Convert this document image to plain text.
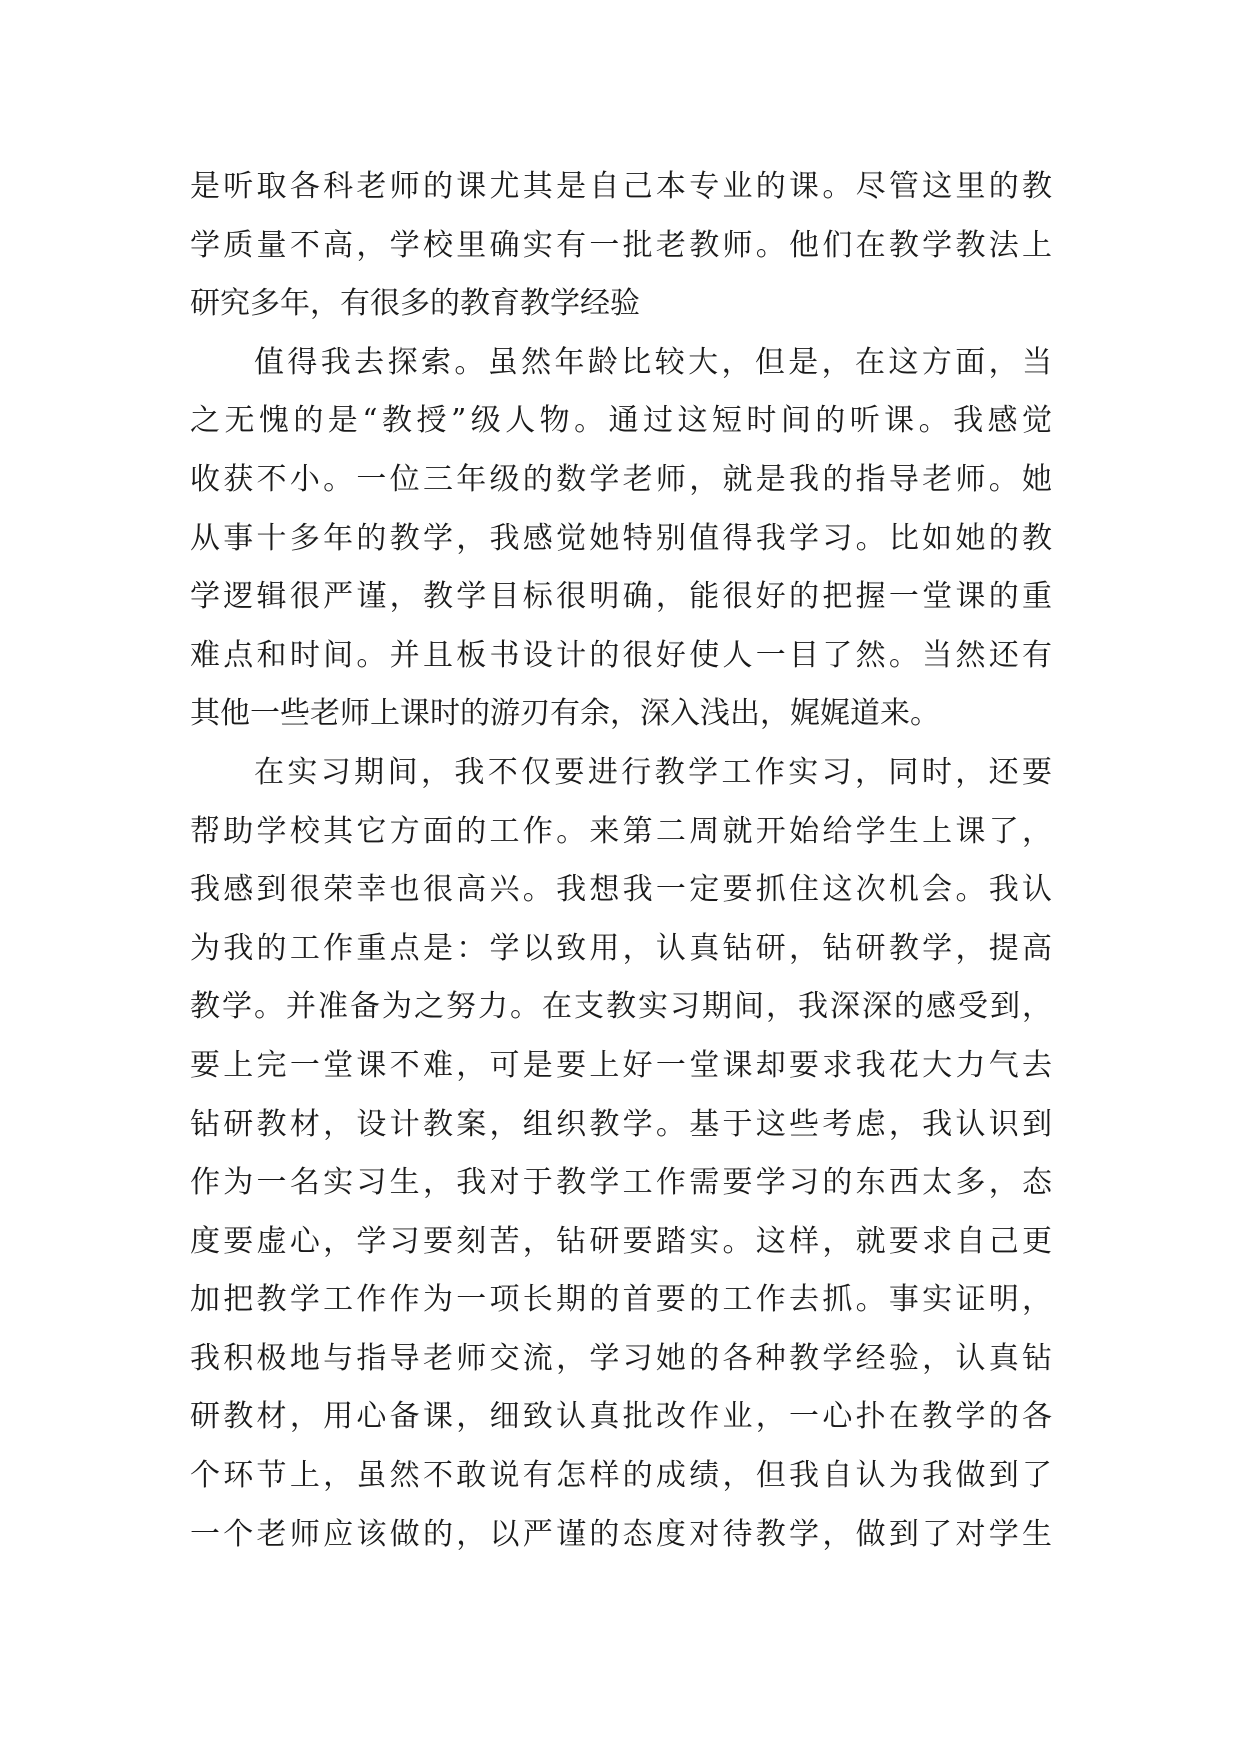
是听取各科老师的课尤其是自己本专业的课。尽管这里的教
学质量不高，学校里确实有一批老教师。他们在教学教法上
研究多年，有很多的教育教学经验
值得我去探索。虽然年龄比较大，但是，在这方面，当
之无愧的是“教授”级人物。通过这短时间的听课。我感觉
收获不小。一位三年级的数学老师，就是我的指导老师。她
从事十多年的教学，我感觉她特别值得我学习。比如她的教
学逻辑很严谨，教学目标很明确，能很好的把握一堂课的重
难点和时间。并且板书设计的很好使人一目了然。当然还有
其他一些老师上课时的游刃有余，深入浅出，娓娓道来。
在实习期间，我不仅要进行教学工作实习，同时，还要
帮助学校其它方面的工作。来第二周就开始给学生上课了，
我感到很荣幸也很高兴。我想我一定要抓住这次机会。我认
为我的工作重点是：学以致用，认真钻研，钻研教学，提高
教学。并准备为之努力。在支教实习期间，我深深的感受到，
要上完一堂课不难，可是要上好一堂课却要求我花大力气去
钻研教材，设计教案，组织教学。基于这些考虑，我认识到
作为一名实习生，我对于教学工作需要学习的东西太多，态
度要虚心，学习要刻苦，钻研要踏实。这样，就要求自己更
加把教学工作作为一项长期的首要的工作去抓。事实证明，
我积极地与指导老师交流，学习她的各种教学经验，认真钻
研教材，用心备课，细致认真批改作业，一心扑在教学的各
个环节上，虽然不敢说有怎样的成绩，但我自认为我做到了
一个老师应该做的，以严谨的态度对待教学，做到了对学生
